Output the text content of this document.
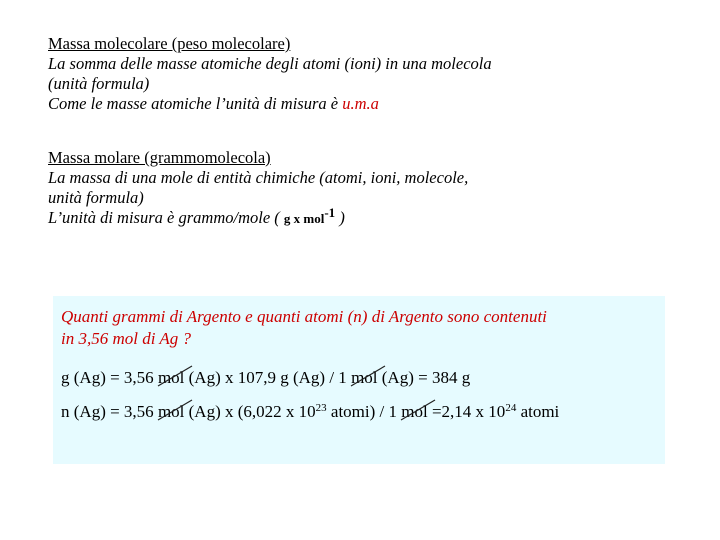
Massa molecolare (peso molecolare)
La somma delle masse atomiche degli atomi (ioni) in una molecola
(unità formula)
Come le masse atomiche l’unità di misura è u.m.a
Massa molare (grammomolecola)
La massa di una mole di entità chimiche (atomi, ioni, molecole,
unità formula)
L’unità di misura è grammo/mole ( g x mol$^{-1}$ )
Quanti grammi di Argento e quanti atomi (n) di Argento sono contenuti
in 3,56 mol di Ag ?
g (Ag) = 3,56 mol
(Ag) x 107,9 g (Ag) / 1 mol
(Ag) = 384 g
n (Ag) = 3,56 mol
(Ag) x (6,022 x $10^{23}$ atomi) / 1 mol
=2,14 x $10^{24}$ atomi
